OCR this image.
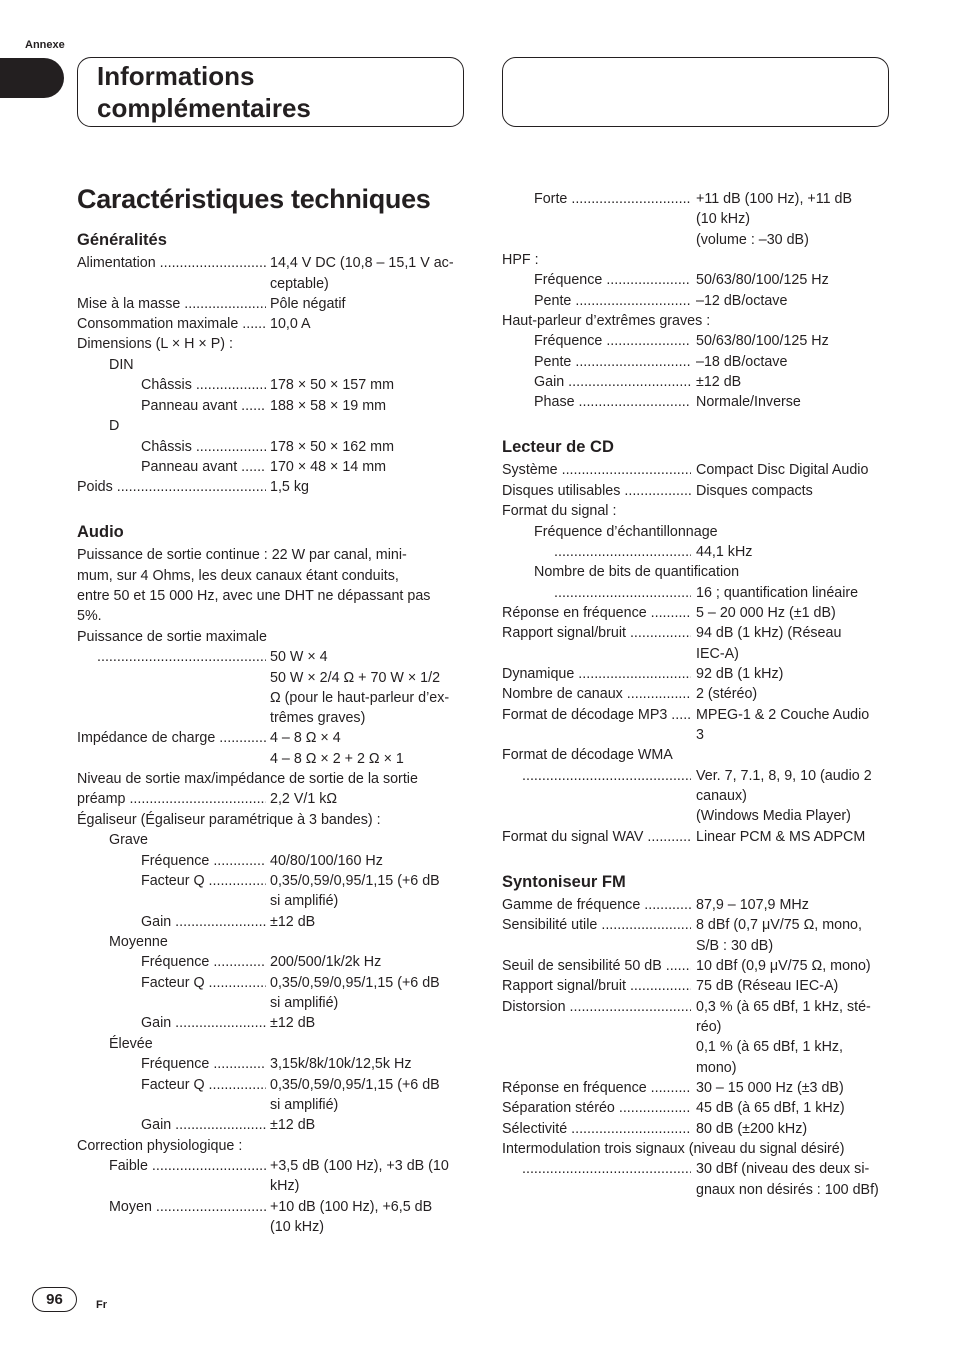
Annexe
Informations
complémentaires
Caractéristiques techniques
Généralités
Alimentation .....	14,4 V DC (10,8 – 15,1 V ac-
ceptable)
Mise à la masse .....	Pôle négatif
Consommation maximale .....	10,0 A
Dimensions (L × H × P) :
DIN
Châssis .....	178 × 50 × 157 mm
Panneau avant .....	188 × 58 × 19 mm
D
Châssis .....	178 × 50 × 162 mm
Panneau avant .....	170 × 48 × 14 mm
Poids .....	1,5 kg
Audio
Puissance de sortie continue : 22 W par canal, mini-
mum, sur 4 Ohms, les deux canaux étant conduits,
entre 50 et 15 000 Hz, avec une DHT ne dépassant pas
5%.
Puissance de sortie maximale
.....
50 W × 4
50 W × 2/4 Ω + 70 W × 1/2
Ω (pour le haut-parleur d’ex-
trêmes graves)
Impédance de charge .....	4 – 8 Ω × 4
4 – 8 Ω × 2 + 2 Ω × 1
Niveau de sortie max/impédance de sortie de la sortie
préamp .....	2,2 V/1 kΩ
Égaliseur (Égaliseur paramétrique à 3 bandes) :
Grave
Fréquence .....	40/80/100/160 Hz
Facteur Q .....	0,35/0,59/0,95/1,15 (+6 dB
si amplifié)
Gain .....	±12 dB
Moyenne
Fréquence .....	200/500/1k/2k Hz
Facteur Q .....	0,35/0,59/0,95/1,15 (+6 dB
si amplifié)
Gain .....	±12 dB
Élevée
Fréquence .....	3,15k/8k/10k/12,5k Hz
Facteur Q .....	0,35/0,59/0,95/1,15 (+6 dB
si amplifié)
Gain .....	±12 dB
Correction physiologique :
Faible .....	+3,5 dB (100 Hz), +3 dB (10
kHz)
Moyen .....	+10 dB (100 Hz), +6,5 dB
(10 kHz)
Forte .....	+11 dB (100 Hz), +11 dB
(10 kHz)
(volume : –30 dB)
HPF :
Fréquence .....	50/63/80/100/125 Hz
Pente .....	–12 dB/octave
Haut-parleur d’extrêmes graves :
Fréquence .....	50/63/80/100/125 Hz
Pente .....	–18 dB/octave
Gain .....	±12 dB
Phase .....	Normale/Inverse
Lecteur de CD
Système .....	Compact Disc Digital Audio
Disques utilisables .....	Disques compacts
Format du signal :
Fréquence d’échantillonnage
.....
44,1 kHz
Nombre de bits de quantification
.....
16 ; quantification linéaire
Réponse en fréquence .....	5 – 20 000 Hz (±1 dB)
Rapport signal/bruit .....	94 dB (1 kHz) (Réseau
IEC-A)
Dynamique .....	92 dB (1 kHz)
Nombre de canaux .....	2 (stéréo)
Format de décodage MP3 .....	MPEG-1 & 2 Couche Audio
3
Format de décodage WMA
.....
Ver. 7, 7.1, 8, 9, 10 (audio 2
canaux)
(Windows Media Player)
Format du signal WAV .....	Linear PCM & MS ADPCM
Syntoniseur FM
Gamme de fréquence .....	87,9 – 107,9 MHz
Sensibilité utile .....	8 dBf (0,7 μV/75 Ω, mono,
S/B : 30 dB)
Seuil de sensibilité 50 dB .....	10 dBf (0,9 μV/75 Ω, mono)
Rapport signal/bruit .....	75 dB (Réseau IEC-A)
Distorsion .....	0,3 % (à 65 dBf, 1 kHz, sté-
réo)
0,1 % (à 65 dBf, 1 kHz,
mono)
Réponse en fréquence .....	30 – 15 000 Hz (±3 dB)
Séparation stéréo .....	45 dB (à 65 dBf, 1 kHz)
Sélectivité .....	80 dB (±200 kHz)
Intermodulation trois signaux (niveau du signal désiré)
.....
30 dBf (niveau des deux si-
gnaux non désirés : 100 dBf)
96	Fr
